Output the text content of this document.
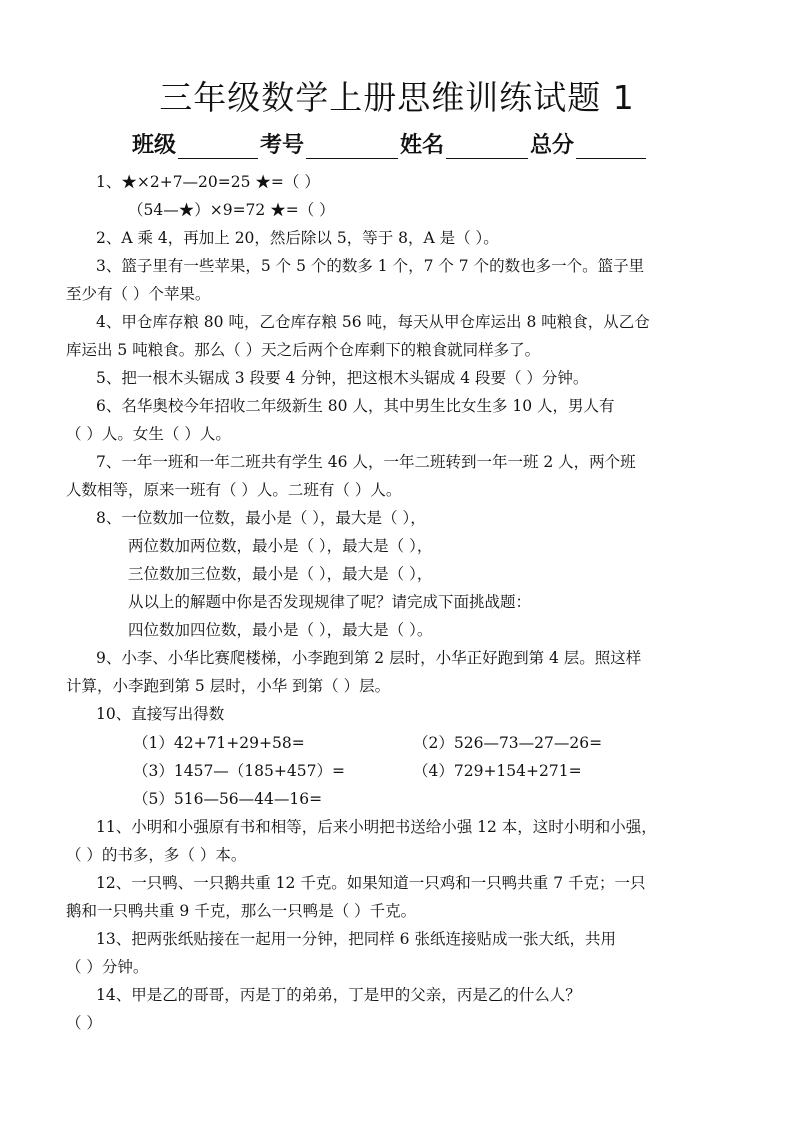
三年级数学上册思维训练试题 1
班级	考号	姓名	总分
1、★×2+7—20=25 ★=（ ）
（54—★）×9=72 ★=（ ）
2、A 乘 4，再加上 20，然后除以 5，等于 8，A 是（ ）。
3、篮子里有一些苹果，5 个 5 个的数多 1 个，7 个 7 个的数也多一个。篮子里
至少有（ ）个苹果。
4、甲仓库存粮 80 吨，乙仓库存粮 56 吨，每天从甲仓库运出 8 吨粮食，从乙仓
库运出 5 吨粮食。那么（ ）天之后两个仓库剩下的粮食就同样多了。
5、把一根木头锯成 3 段要 4 分钟，把这根木头锯成 4 段要（ ）分钟。
6、名华奥校今年招收二年级新生 80 人，其中男生比女生多 10 人，男人有
（ ）人。女生（ ）人。
7、一年一班和一年二班共有学生 46 人，一年二班转到一年一班 2 人，两个班
人数相等，原来一班有（ ）人。二班有（ ）人。
8、一位数加一位数，最小是（ ），最大是（ ），
两位数加两位数，最小是（ ），最大是（ ），
三位数加三位数，最小是（ ），最大是（ ），
从以上的解题中你是否发现规律了呢？请完成下面挑战题：
四位数加四位数，最小是（ ），最大是（ ）。
9、小李、小华比赛爬楼梯，小李跑到第 2 层时，小华正好跑到第 4 层。照这样
计算，小李跑到第 5 层时，小华 到第（ ）层。
10、直接写出得数
（1）42+71+29+58=	（2）526—73—27—26=
（3）1457—（185+457）=	（4）729+154+271=
（5）516—56—44—16=
11、小明和小强原有书和相等，后来小明把书送给小强 12 本，这时小明和小强，
（ ）的书多，多（ ）本。
12、一只鸭、一只鹅共重 12 千克。如果知道一只鸡和一只鸭共重 7 千克；一只
鹅和一只鸭共重 9 千克，那么一只鸭是（ ）千克。
13、把两张纸贴接在一起用一分钟，把同样 6 张纸连接贴成一张大纸，共用
（ ）分钟。
14、甲是乙的哥哥，丙是丁的弟弟，丁是甲的父亲，丙是乙的什么人？
（ ）
